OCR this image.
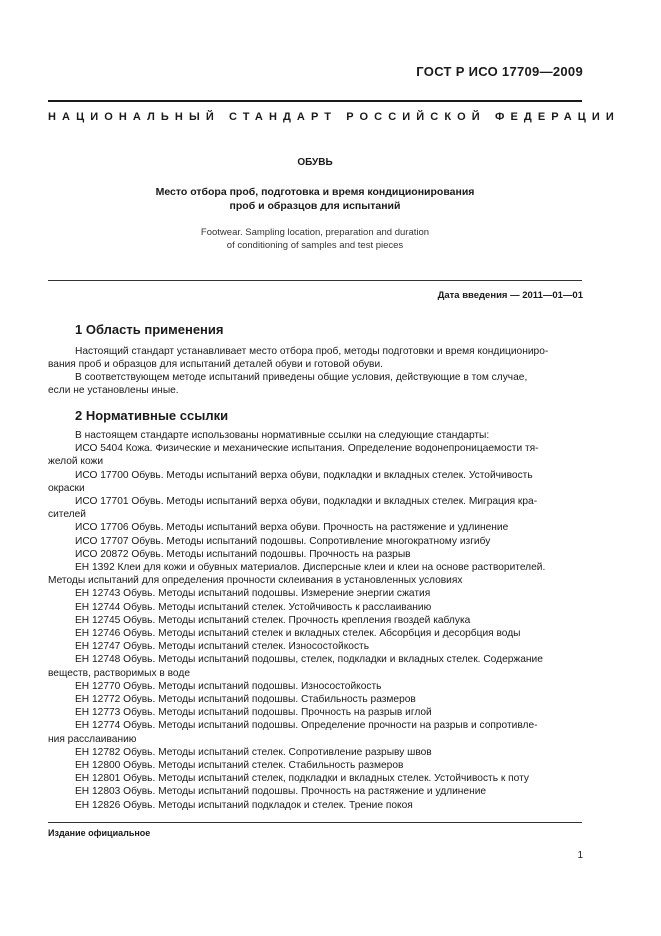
ГОСТ Р ИСО 17709—2009
НАЦИОНАЛЬНЫЙ СТАНДАРТ РОССИЙСКОЙ ФЕДЕРАЦИИ
ОБУВЬ
Место отбора проб, подготовка и время кондиционирования
проб и образцов для испытаний
Footwear. Sampling location, preparation and duration
of conditioning of samples and test pieces
Дата введения — 2011—01—01
1 Область применения
Настоящий стандарт устанавливает место отбора проб, методы подготовки и время кондициониро-
вания проб и образцов для испытаний деталей обуви и готовой обуви.
В соответствующем методе испытаний приведены общие условия, действующие в том случае,
если не установлены иные.
2 Нормативные ссылки
В настоящем стандарте использованы нормативные ссылки на следующие стандарты:
ИСО 5404 Кожа. Физические и механические испытания. Определение водонепроницаемости тя-
желой кожи
ИСО 17700 Обувь. Методы испытаний верха обуви, подкладки и вкладных стелек. Устойчивость
окраски
ИСО 17701 Обувь. Методы испытаний верха обуви, подкладки и вкладных стелек. Миграция кра-
сителей
ИСО 17706 Обувь. Методы испытаний верха обуви. Прочность на растяжение и удлинение
ИСО 17707 Обувь. Методы испытаний подошвы. Сопротивление многократному изгибу
ИСО 20872 Обувь. Методы испытаний подошвы. Прочность на разрыв
ЕН 1392 Клеи для кожи и обувных материалов. Дисперсные клеи и клеи на основе растворителей.
Методы испытаний для определения прочности склеивания в установленных условиях
ЕН 12743 Обувь. Методы испытаний подошвы. Измерение энергии сжатия
ЕН 12744 Обувь. Методы испытаний стелек. Устойчивость к расслаиванию
ЕН 12745 Обувь. Методы испытаний стелек. Прочность крепления гвоздей каблука
ЕН 12746 Обувь. Методы испытаний стелек и вкладных стелек. Абсорбция и десорбция воды
ЕН 12747 Обувь. Методы испытаний стелек. Износостойкость
ЕН 12748 Обувь. Методы испытаний подошвы, стелек, подкладки и вкладных стелек. Содержание
веществ, растворимых в воде
ЕН 12770 Обувь. Методы испытаний подошвы. Износостойкость
ЕН 12772 Обувь. Методы испытаний подошвы. Стабильность размеров
ЕН 12773 Обувь. Методы испытаний подошвы. Прочность на разрыв иглой
ЕН 12774 Обувь. Методы испытаний подошвы. Определение прочности на разрыв и сопротивле-
ния расслаиванию
ЕН 12782 Обувь. Методы испытаний стелек. Сопротивление разрыву швов
ЕН 12800 Обувь. Методы испытаний стелек. Стабильность размеров
ЕН 12801 Обувь. Методы испытаний стелек, подкладки и вкладных стелек. Устойчивость к поту
ЕН 12803 Обувь. Методы испытаний подошвы. Прочность на растяжение и удлинение
ЕН 12826 Обувь. Методы испытаний подкладок и стелек. Трение покоя
Издание официальное
1
